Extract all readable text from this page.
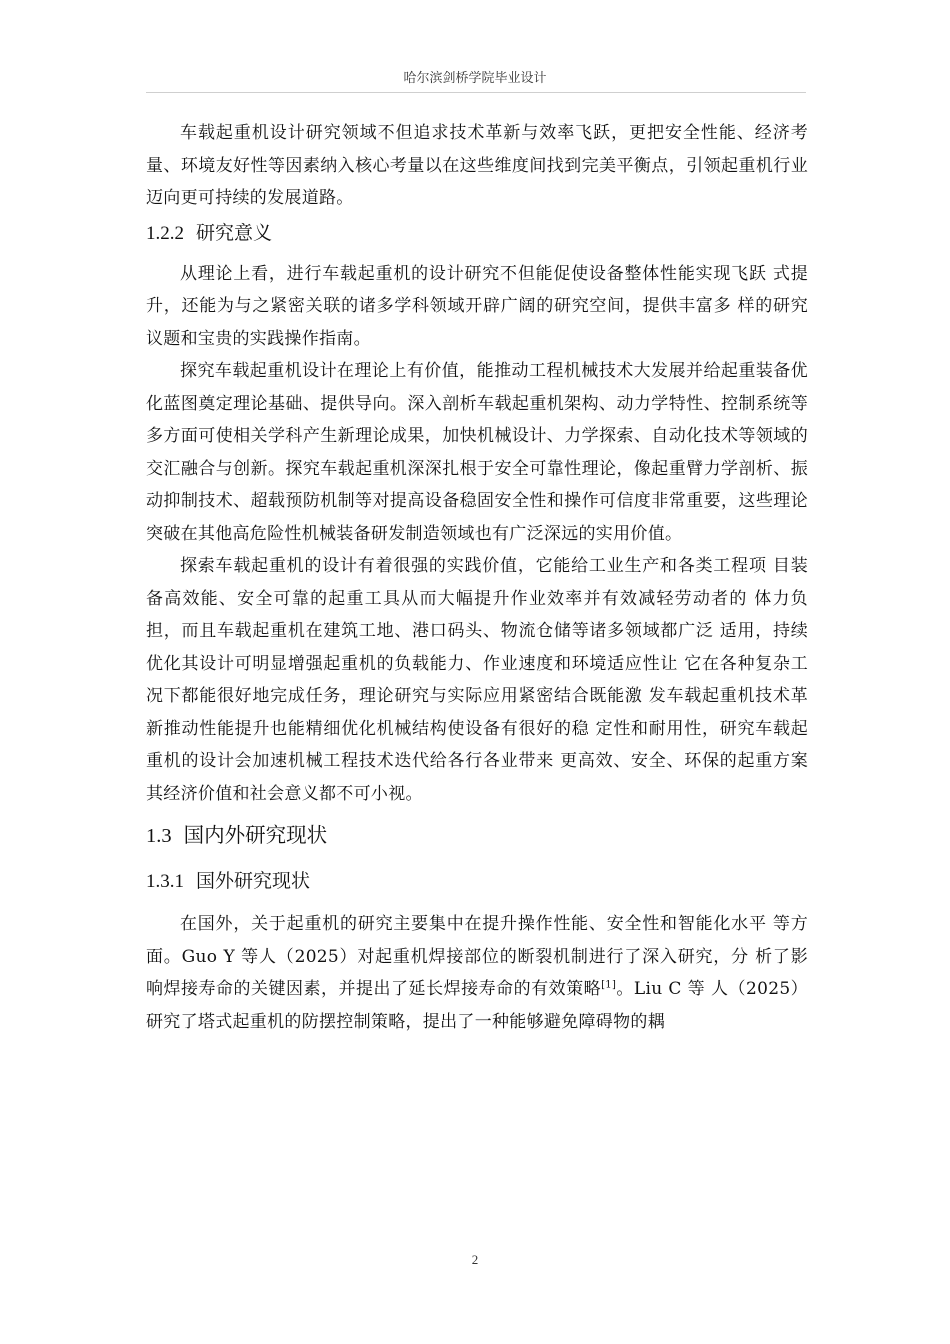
哈尔滨剑桥学院毕业设计

车载起重机设计研究领域不但追求技术革新与效率飞跃，更把安全性能、经济考量、环境友好性等因素纳入核心考量以在这些维度间找到完美平衡点，引领起重机行业迈向更可持续的发展道路。

1.2.2 研究意义

从理论上看，进行车载起重机的设计研究不但能促使设备整体性能实现飞跃 式提升，还能为与之紧密关联的诸多学科领域开辟广阔的研究空间，提供丰富多 样的研究议题和宝贵的实践操作指南。

探究车载起重机设计在理论上有价值，能推动工程机械技术大发展并给起重装备优化蓝图奠定理论基础、提供导向。深入剖析车载起重机架构、动力学特性、控制系统等多方面可使相关学科产生新理论成果，加快机械设计、力学探索、自动化技术等领域的交汇融合与创新。探究车载起重机深深扎根于安全可靠性理论，像起重臂力学剖析、振动抑制技术、超载预防机制等对提高设备稳固安全性和操作可信度非常重要，这些理论突破在其他高危险性机械装备研发制造领域也有广泛深远的实用价值。

探索车载起重机的设计有着很强的实践价值，它能给工业生产和各类工程项 目装备高效能、安全可靠的起重工具从而大幅提升作业效率并有效减轻劳动者的 体力负担，而且车载起重机在建筑工地、港口码头、物流仓储等诸多领域都广泛 适用，持续优化其设计可明显增强起重机的负载能力、作业速度和环境适应性让 它在各种复杂工况下都能很好地完成任务，理论研究与实际应用紧密结合既能激 发车载起重机技术革新推动性能提升也能精细优化机械结构使设备有很好的稳 定性和耐用性，研究车载起重机的设计会加速机械工程技术迭代给各行各业带来 更高效、安全、环保的起重方案其经济价值和社会意义都不可小视。

1.3 国内外研究现状
1.3.1 国外研究现状

在国外，关于起重机的研究主要集中在提升操作性能、安全性和智能化水平 等方面。Guo Y 等人（2025）对起重机焊接部位的断裂机制进行了深入研究，分 析了影响焊接寿命的关键因素，并提出了延长焊接寿命的有效策略[1]。Liu C 等 人（2025）研究了塔式起重机的防摆控制策略，提出了一种能够避免障碍物的耦

2
